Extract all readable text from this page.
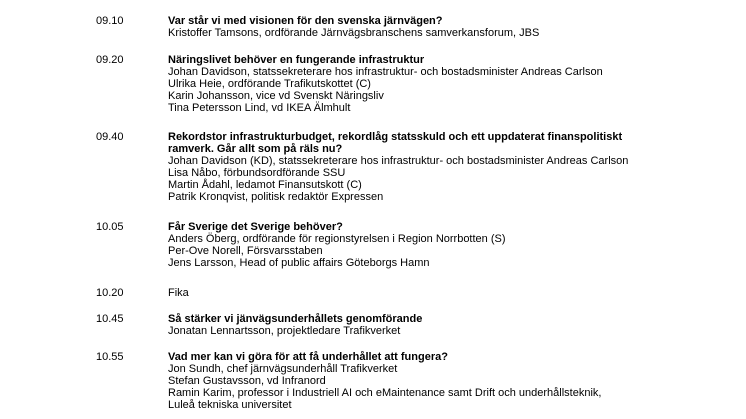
09.10	Var står vi med visionen för den svenska järnvägen?

Kristoffer Tamsons, ordförande Järnvägsbranschens samverkansforum, JBS

09.20	Näringslivet behöver en fungerande infrastruktur

Johan Davidson, statssekreterare hos infrastruktur- och bostadsminister Andreas Carlson

Ulrika Heie, ordförande Trafikutskottet (C)

Karin Johansson, vice vd Svenskt Näringsliv

Tina Petersson Lind, vd IKEA Älmhult

09.40	Rekordstor infrastrukturbudget, rekordlåg statsskuld och ett uppdaterat finanspolitiskt ramverk. Går allt som på räls nu?

Johan Davidson (KD), statssekreterare hos infrastruktur- och bostadsminister Andreas Carlson

Lisa Nåbo, förbundsordförande SSU

Martin Ådahl, ledamot Finansutskott (C)

Patrik Kronqvist, politisk redaktör Expressen

10.05	Får Sverige det Sverige behöver?

Anders Öberg, ordförande för regionstyrelsen i Region Norrbotten (S)

Per-Ove Norell, Försvarsstaben

Jens Larsson, Head of public affairs Göteborgs Hamn

10.20	Fika

10.45	Så stärker vi jänvägsunderhållets genomförande

Jonatan Lennartsson, projektledare Trafikverket

10.55	Vad mer kan vi göra för att få underhållet att fungera?

Jon Sundh, chef järnvägsunderhåll Trafikverket

Stefan Gustavsson, vd Infranord

Ramin Karim, professor i Industriell AI och eMaintenance samt Drift och underhållsteknik, Luleå tekniska universitet
